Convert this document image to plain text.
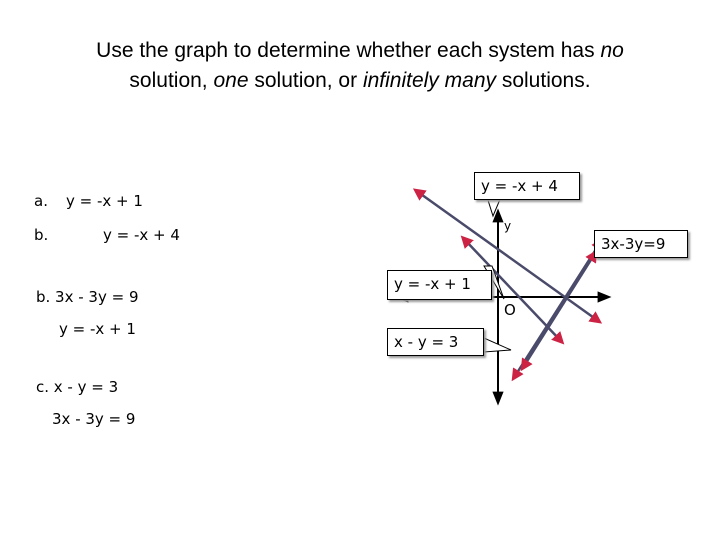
Use the graph to determine whether each system has no
solution, one solution, or infinitely many solutions.
a. y = -x + 1
b.	y = -x + 4
b. 3x - 3y = 9
y = -x + 1
c. x - y = 3
3x - 3y = 9
y
O
y = -x + 4
3x-3y=9
y = -x + 1
x - y = 3
